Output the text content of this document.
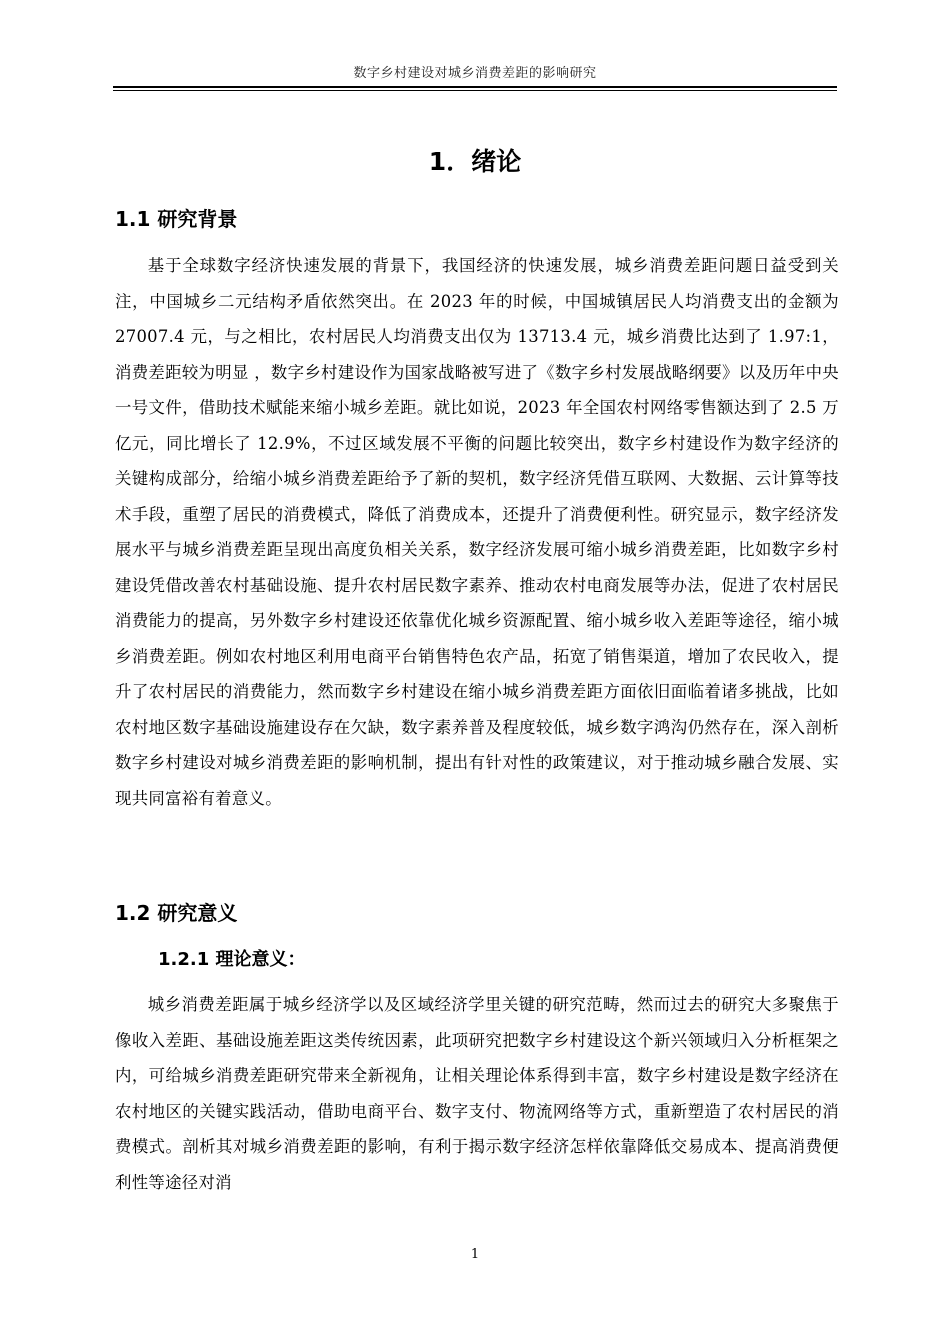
数字乡村建设对城乡消费差距的影响研究
1．绪论
1.1 研究背景

基于全球数字经济快速发展的背景下，我国经济的快速发展，城乡消费差距问题日益受到关注，中国城乡二元结构矛盾依然突出。在 2023 年的时候，中国城镇居民人均消费支出的金额为 27007.4 元，与之相比，农村居民人均消费支出仅为 13713.4 元，城乡消费比达到了 1.97:1，消费差距较为明显 ，数字乡村建设作为国家战略被写进了《数字乡村发展战略纲要》以及历年中央一号文件，借助技术赋能来缩小城乡差距。就比如说，2023 年全国农村网络零售额达到了 2.5 万亿元，同比增长了 12.9%，不过区域发展不平衡的问题比较突出，数字乡村建设作为数字经济的关键构成部分，给缩小城乡消费差距给予了新的契机，数字经济凭借互联网、大数据、云计算等技术手段，重塑了居民的消费模式，降低了消费成本，还提升了消费便利性。研究显示，数字经济发展水平与城乡消费差距呈现出高度负相关关系，数字经济发展可缩小城乡消费差距，比如数字乡村建设凭借改善农村基础设施、提升农村居民数字素养、推动农村电商发展等办法，促进了农村居民消费能力的提高，另外数字乡村建设还依靠优化城乡资源配置、缩小城乡收入差距等途径，缩小城乡消费差距。例如农村地区利用电商平台销售特色农产品，拓宽了销售渠道，增加了农民收入，提升了农村居民的消费能力，然而数字乡村建设在缩小城乡消费差距方面依旧面临着诸多挑战，比如农村地区数字基础设施建设存在欠缺，数字素养普及程度较低，城乡数字鸿沟仍然存在，深入剖析数字乡村建设对城乡消费差距的影响机制，提出有针对性的政策建议，对于推动城乡融合发展、实现共同富裕有着意义。

1.2 研究意义
1.2.1 理论意义：

城乡消费差距属于城乡经济学以及区域经济学里关键的研究范畴，然而过去的研究大多聚焦于像收入差距、基础设施差距这类传统因素，此项研究把数字乡村建设这个新兴领域归入分析框架之内，可给城乡消费差距研究带来全新视角，让相关理论体系得到丰富，数字乡村建设是数字经济在农村地区的关键实践活动，借助电商平台、数字支付、物流网络等方式，重新塑造了农村居民的消费模式。剖析其对城乡消费差距的影响，有利于揭示数字经济怎样依靠降低交易成本、提高消费便利性等途径对消

1
